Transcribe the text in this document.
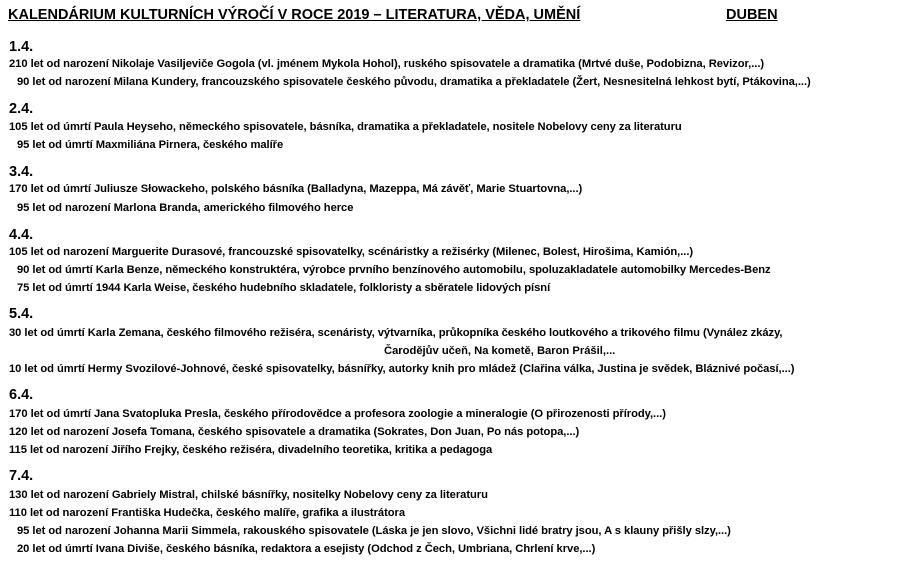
KALENDÁRIUM KULTURNÍCH VÝROČÍ V ROCE 2019 – LITERATURA, VĚDA, UMĚNÍ	DUBEN
1.4.
210 let od narození Nikolaje Vasiljeviče Gogola (vl. jménem Mykola Hohol), ruského spisovatele a dramatika (Mrtvé duše, Podobizna, Revizor,...)
90 let od narození Milana Kundery, francouzského spisovatele českého původu, dramatika a překladatele (Žert, Nesnesitelná lehkost bytí, Ptákovina,...)
2.4.
105 let od úmrtí Paula Heyseho, německého spisovatele, básníka, dramatika a překladatele, nositele Nobelovy ceny za literaturu
95 let od úmrtí Maxmiliána Pirnera, českého malíře
3.4.
170 let od úmrtí Juliusze Słowackeho, polského básníka (Balladyna, Mazeppa, Má závěť, Marie Stuartovna,...)
95 let od narození Marlona Branda, amerického filmového herce
4.4.
105 let od narození Marguerite Durasové, francouzské spisovatelky, scénáristky a režisérky (Milenec, Bolest, Hirošima, Kamión,...)
90 let od úmrtí Karla Benze, německého konstruktéra, výrobce prvního benzínového automobilu, spoluzakladatele automobilky Mercedes-Benz
75 let od úmrtí 1944 Karla Weise, českého hudebního skladatele, folkloristy a sběratele lidových písní
5.4.
30 let od úmrtí Karla Zemana, českého filmového režiséra, scenáristy, výtvarníka, průkopníka českého loutkového a trikového filmu (Vynález zkázy,
Čarodějův učeň, Na kometě, Baron Prášil,...
10 let od úmrtí Hermy Svozilové-Johnové, české spisovatelky, básnířky, autorky knih pro mládež (Clařina válka, Justina je svědek, Bláznivé počasí,...)
6.4.
170 let od úmrtí Jana Svatopluka Presla, českého přírodovědce a profesora zoologie a mineralogie (O přirozenosti přírody,...)
120 let od narození Josefa Tomana, českého spisovatele a dramatika (Sokrates, Don Juan, Po nás potopa,...)
115 let od narození Jiřího Frejky, českého režiséra, divadelního teoretika, kritika a pedagoga
7.4.
130 let od narození Gabriely Mistral, chilské básnířky, nositelky Nobelovy ceny za literaturu
110 let od narození Františka Hudečka, českého malíře, grafika a ilustrátora
95 let od narození Johanna Marii Simmela, rakouského spisovatele (Láska je jen slovo, Všichni lidé bratry jsou, A s klauny přišly slzy,...)
20 let od úmrtí Ivana Diviše, českého básníka, redaktora a esejisty (Odchod z Čech, Umbriana, Chrlení krve,...)
